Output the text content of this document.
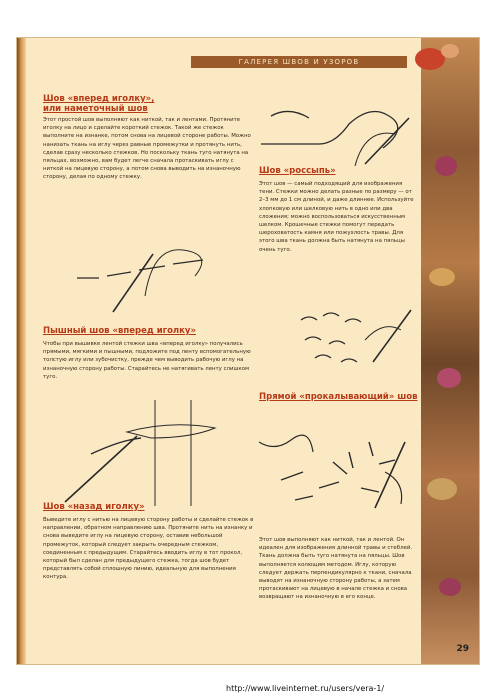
ГАЛЕРЕЯ ШВОВ И УЗОРОВ
Шов «вперед иголку»,
или наметочный шов
Этот простой шов выполняют как ниткой, так и лентами. Протяните иголку на лицо и сделайте короткий стежок. Такой же стежок выполните на изнанке, потом снова на лицевой стороне работы. Можно нанизать ткань на иглу через равные промежутки и протянуть нить, сделав сразу несколько стежков. Но поскольку ткань туго натянута на пяльцах, возможно, вам будет легче сначала протаскивать иглу с ниткой на лицевую сторону, а потом снова выводить на изнаночную сторону, делая по одному стежку.
Пышный шов «вперед иголку»
Чтобы при вышивке лентой стежки шва «вперед иголку» получались прямыми, мягкими и пышными, подложите под ленту вспомогательную толстую иглу или зубочистку, прежде чем выводить рабочую иглу на изнаночную сторону работы. Старайтесь не натягивать ленту слишком туго.
Шов «назад иголку»
Выведите иглу с нитью на лицевую сторону работы и сделайте стежок в направлении, обратном направлению шва. Протяните нить на изнанку и снова выведите иглу на лицевую сторону, оставив небольшой промежуток, который следует закрыть очередным стежком, соединенным с предыдущим. Старайтесь вводить иглу в тот прокол, который был сделан для предыдущего стежка, тогда шов будет представлять собой сплошную линию, идеальную для выполнения контура.
Шов «россыпь»
Этот шов — самый подходящий для изображения тени. Стежки можно делать разные по размеру — от 2–3 мм до 1 см длиной, и даже длиннее. Используйте хлопковую или шелковую нить в одно или два сложения; можно воспользоваться искусственным шелком. Крошечные стежки помогут передать шероховатость камня или пожухлость травы. Для этого шва ткань должна быть натянута на пяльцы очень туго.
Прямой «прокалывающий» шов
Этот шов выполняют как ниткой, так и лентой. Он идеален для изображения длинной травы и стеблей. Ткань должна быть туго натянута на пяльцы. Шов выполняется колющим методом. Иглу, которую следует держать перпендикулярно к ткани, сначала выводят на изнаночную сторону работы, а затем протаскивают на лицевую в начале стежка и снова возвращают на изнаночную в его конце.
29
http://www.liveinternet.ru/users/vera-1/
